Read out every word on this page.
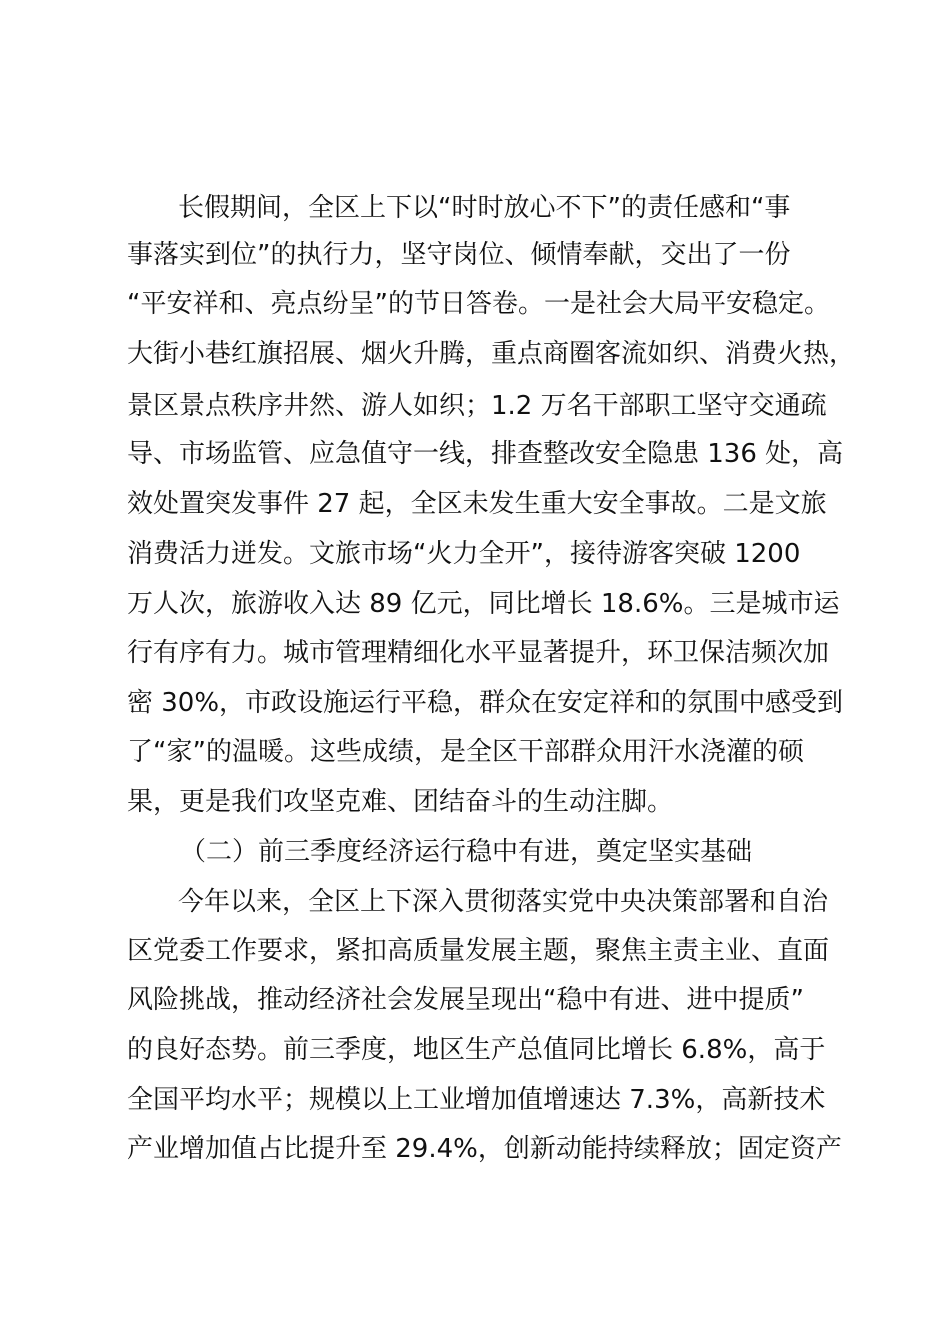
长假期间，全区上下以“时时放心不下”的责任感和“事
事落实到位”的执行力，坚守岗位、倾情奉献，交出了一份
“平安祥和、亮点纷呈”的节日答卷。一是社会大局平安稳定。
大街小巷红旗招展、烟火升腾，重点商圈客流如织、消费火热，
景区景点秩序井然、游人如织；1.2 万名干部职工坚守交通疏
导、市场监管、应急值守一线，排查整改安全隐患 136 处，高
效处置突发事件 27 起，全区未发生重大安全事故。二是文旅
消费活力迸发。文旅市场“火力全开”，接待游客突破 1200
万人次，旅游收入达 89 亿元，同比增长 18.6%。三是城市运
行有序有力。城市管理精细化水平显著提升，环卫保洁频次加
密 30%，市政设施运行平稳，群众在安定祥和的氛围中感受到
了“家”的温暖。这些成绩，是全区干部群众用汗水浇灌的硕
果，更是我们攻坚克难、团结奋斗的生动注脚。
（二）前三季度经济运行稳中有进，奠定坚实基础
今年以来，全区上下深入贯彻落实党中央决策部署和自治
区党委工作要求，紧扣高质量发展主题，聚焦主责主业、直面
风险挑战，推动经济社会发展呈现出“稳中有进、进中提质”
的良好态势。前三季度，地区生产总值同比增长 6.8%，高于
全国平均水平；规模以上工业增加值增速达 7.3%，高新技术
产业增加值占比提升至 29.4%，创新动能持续释放；固定资产
